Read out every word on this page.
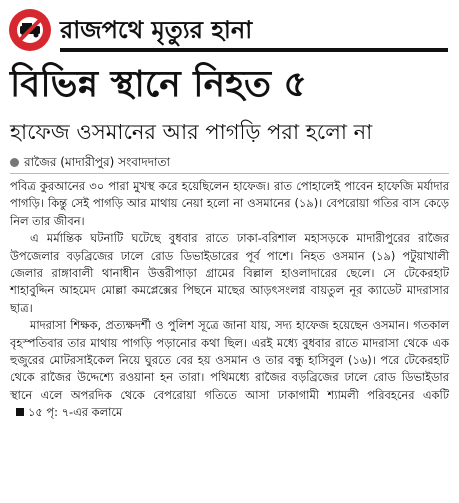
রাজপথে মৃত্যুর হানা
বিভিন্ন স্থানে নিহত ৫
হাফেজ ওসমানের আর পাগড়ি পরা হলো না
রাজৈর (মাদারীপুর) সংবাদদাতা

পবিত্র কুরআনের ৩০ পারা মুখস্থ করে হয়েছিলেন হাফেজ। রাত পোহালেই পাবেন হাফেজি মর্যাদার পাগড়ি। কিন্তু সেই পাগড়ি আর মাথায় নেয়া হলো না ওসমানের (১৯)। বেপরোয়া গতির বাস কেড়ে নিল তার জীবন।

এ মর্মান্তিক ঘটনাটি ঘটেছে বুধবার রাতে ঢাকা-বরিশাল মহাসড়কে মাদারীপুরের রাজৈর উপজেলার বড়ব্রিজের ঢালে রোড ডিভাইডারের পূর্ব পাশে। নিহত ওসমান (১৯) পটুয়াখালী জেলার রাঙ্গাবালী থানাধীন উত্তরীপাড়া গ্রামের বিল্লাল হাওলাদারের ছেলে। সে টেকেরহাট শাহাবুদ্দিন আহমেদ মোল্লা কমপ্লেক্সের পিছনে মাছের আড়ৎসংলগ্ন বায়তুল নূর ক্যাডেট মাদরাসার ছাত্র।

মাদরাসা শিক্ষক, প্রত্যক্ষদর্শী ও পুলিশ সূত্রে জানা যায়, সদ্য হাফেজ হয়েছেন ওসমান। গতকাল বৃহস্পতিবার তার মাথায় পাগড়ি পড়ানোর কথা ছিল। এরই মধ্যে বুধবার রাতে মাদরাসা থেকে এক হুজুরের মোটরসাইকেল নিয়ে ঘুরতে বের হয় ওসমান ও তার বন্ধু হাসিবুল (১৬)। পরে টেকেরহাট থেকে রাজৈর উদ্দেশ্যে রওয়ানা হন তারা। পথিমধ্যে রাজৈর বড়ব্রিজের ঢালে রোড ডিভাইডার স্থানে এলে অপরদিক থেকে বেপরোয়া গতিতে আসা ঢাকাগামী শ্যামলী পরিবহনের একটি১৫ পৃ: ৭-এর কলামে
